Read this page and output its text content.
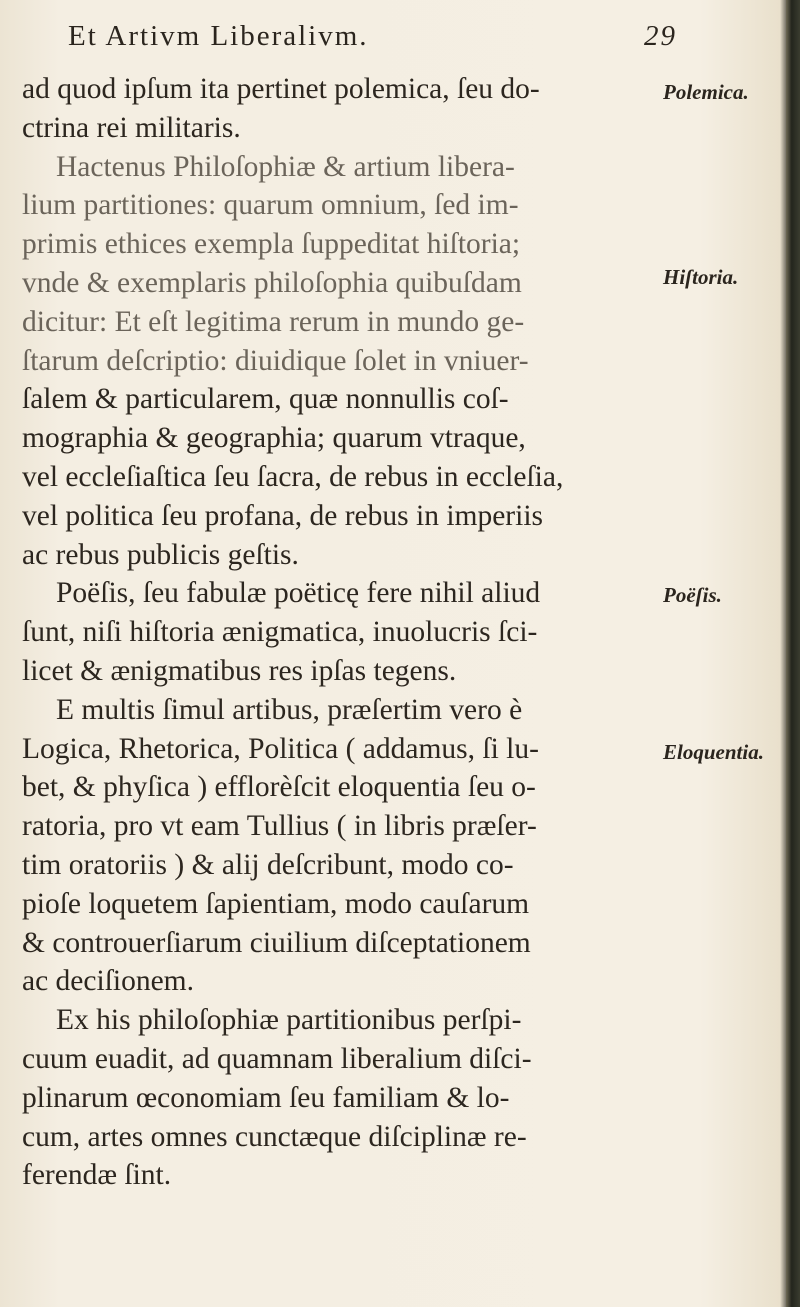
Et Artivm Liberalivm.	29
ad quod ipſum ita pertinet polemica, ſeu do-
ctrina rei militaris.
Hactenus Philoſophiæ & artium libera-
lium partitiones: quarum omnium, ſed im-
primis ethices exempla ſuppeditat hiſtoria;
vnde & exemplaris philoſophia quibuſdam
dicitur: Et eſt legitima rerum in mundo ge-
ſtarum deſcriptio: diuidique ſolet in vniuer-
ſalem & particularem, quæ nonnullis coſ-
mographia & geographia; quarum vtraque,
vel eccleſiaſtica ſeu ſacra, de rebus in eccleſia,
vel politica ſeu profana, de rebus in imperiis
ac rebus publicis geſtis.
Poëſis, ſeu fabulæ poëticę fere nihil aliud
ſunt, niſi hiſtoria ænigmatica, inuolucris ſci-
licet & ænigmatibus res ipſas tegens.
E multis ſimul artibus, præſertim vero è
Logica, Rhetorica, Politica ( addamus, ſi lu-
bet, & phyſica ) efflorèſcit eloquentia ſeu o-
ratoria, pro vt eam Tullius ( in libris præſer-
tim oratoriis ) & alij deſcribunt, modo co-
pioſe loquetem ſapientiam, modo cauſarum
& controuerſiarum ciuilium diſceptationem
ac deciſionem.
Ex his philoſophiæ partitionibus perſpi-
cuum euadit, ad quamnam liberalium diſci-
plinarum œconomiam ſeu familiam & lo-
cum, artes omnes cunctæque diſciplinæ re-
ferendæ ſint.
Polemica.
Hiſtoria.
Poëſis.
Eloquentia.
